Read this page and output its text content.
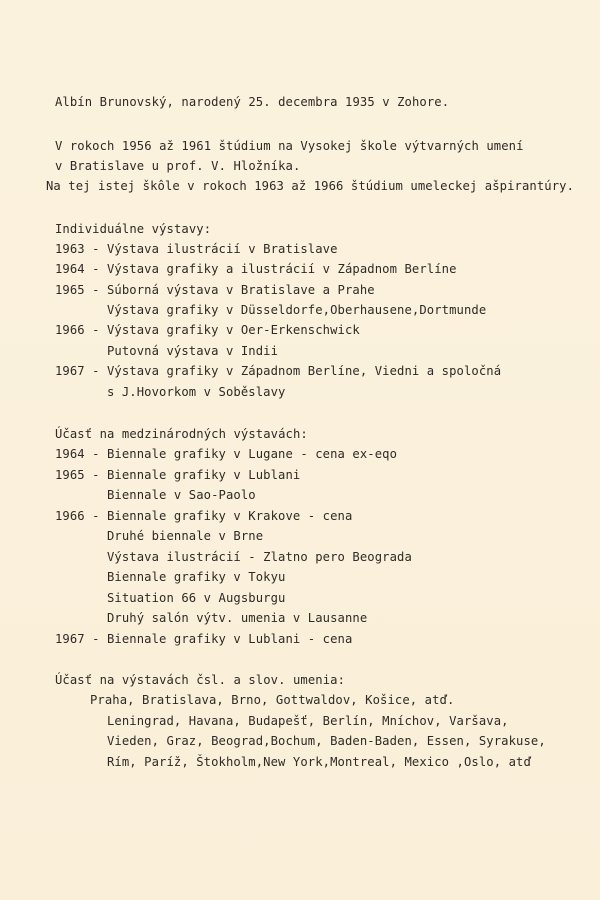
Albín Brunovský, narodený 25. decembra 1935 v Zohore.
V rokoch 1956 až 1961 štúdium na Vysokej škole výtvarných umení
v Bratislave u prof. V. Hložníka.
Na tej istej škôle v rokoch 1963 až 1966 štúdium umeleckej ašpirantúry.
Individuálne výstavy:
1963 - Výstava ilustrácií v Bratislave
1964 - Výstava grafiky a ilustrácií v Západnom Berlíne
1965 - Súborná výstava v Bratislave a Prahe
Výstava grafiky v Düsseldorfe,Oberhausene,Dortmunde
1966 - Výstava grafiky v Oer-Erkenschwick
Putovná výstava v Indii
1967 - Výstava grafiky v Západnom Berlíne, Viedni a spoločná
s J.Hovorkom v Soběslavy
Účasť na medzinárodných výstavách:
1964 - Biennale grafiky v Lugane - cena ex-eqo
1965 - Biennale grafiky v Lublani
Biennale v Sao-Paolo
1966 - Biennale grafiky v Krakove - cena
Druhé biennale v Brne
Výstava ilustrácií - Zlatno pero Beograda
Biennale grafiky v Tokyu
Situation 66 v Augsburgu
Druhý salón výtv. umenia v Lausanne
1967 - Biennale grafiky v Lublani - cena
Účasť na výstavách čsl. a slov. umenia:
Praha, Bratislava, Brno, Gottwaldov, Košice, atď.
Leningrad, Havana, Budapešť, Berlín, Mníchov, Varšava,
Vieden, Graz, Beograd,Bochum, Baden-Baden, Essen, Syrakuse,
Rím, Paríž, Štokholm,New York,Montreal, Mexico ,Oslo, atď
